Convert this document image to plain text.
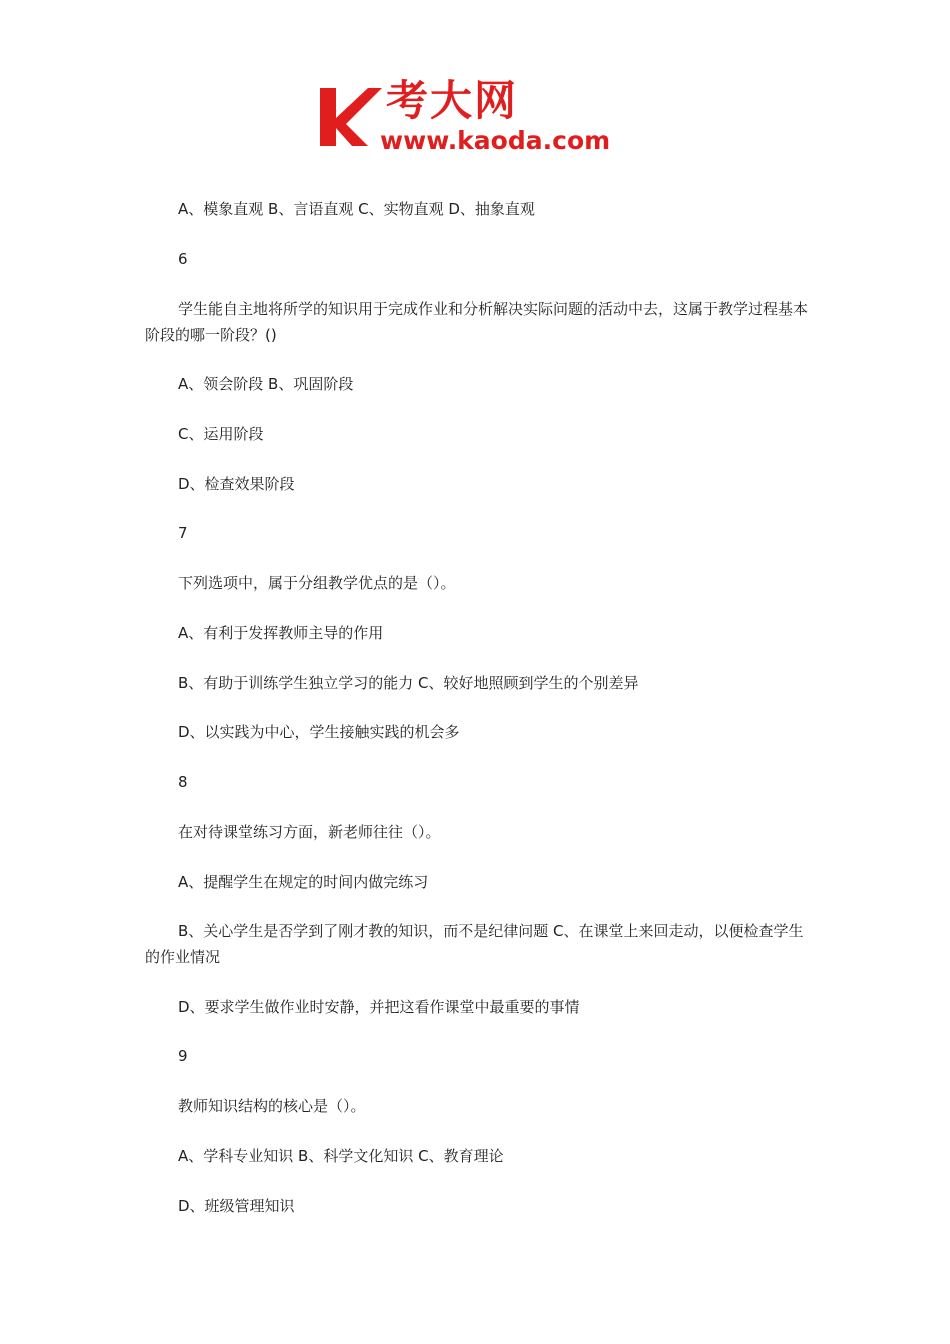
考大网
www.kaoda.com

A、模象直观 B、言语直观 C、实物直观 D、抽象直观

6

学生能自主地将所学的知识用于完成作业和分析解决实际问题的活动中去，这属于教学过程基本阶段的哪一阶段？()

A、领会阶段 B、巩固阶段

C、运用阶段

D、检查效果阶段

7

下列选项中，属于分组教学优点的是（）。

A、有利于发挥教师主导的作用

B、有助于训练学生独立学习的能力 C、较好地照顾到学生的个别差异

D、以实践为中心，学生接触实践的机会多

8

在对待课堂练习方面，新老师往往（）。

A、提醒学生在规定的时间内做完练习

B、关心学生是否学到了刚才教的知识，而不是纪律问题 C、在课堂上来回走动，以便检查学生的作业情况

D、要求学生做作业时安静，并把这看作课堂中最重要的事情

9

教师知识结构的核心是（）。

A、学科专业知识 B、科学文化知识 C、教育理论

D、班级管理知识
